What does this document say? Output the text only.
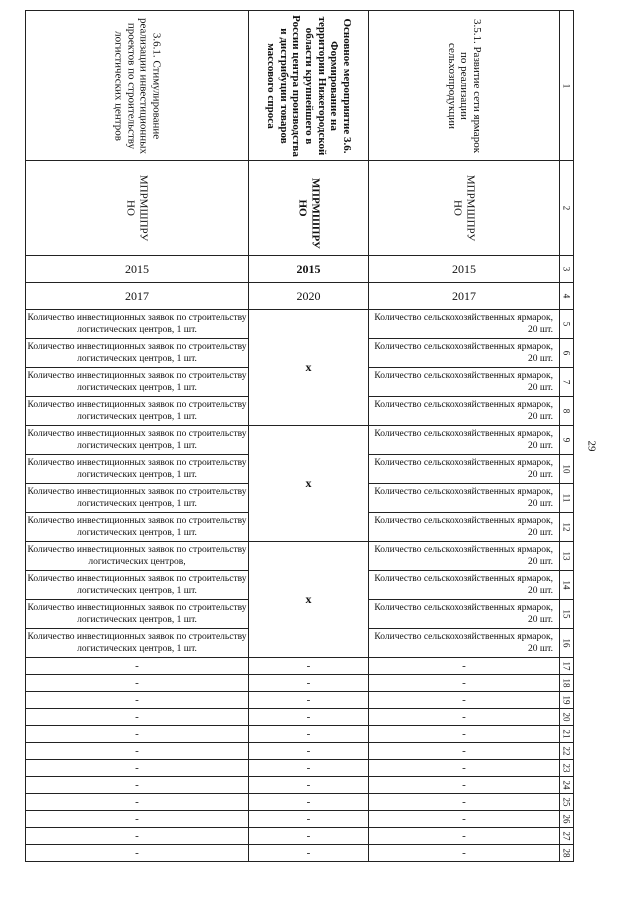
29
3.6.1. Стимулирование реализации инвестиционных проектов по строительству логистических центров	Основное мероприятие 3.6. Формирование на территории Нижегородской области крупнейшего в России центра производства и дистрибуции товаров массового спроса	3.5.1. Развитие сети ярмарок по реализации сельхозпродукции	1

МПРМШПРУ НО	МПРМШПРУ НО	МПРМШПРУ НО	2
2015	2015	2015	3
2017	2020	2017	4
Количество инвестиционных заявок по строительству логистических центров, 1 шт.	x	Количество сельскохозяйственных ярмарок, 20 шт.	5
Количество инвестиционных заявок по строительству логистических центров, 1 шт.		Количество сельскохозяйственных ярмарок, 20 шт.	6
Количество инвестиционных заявок по строительству логистических центров, 1 шт.		Количество сельскохозяйственных ярмарок, 20 шт.	7
Количество инвестиционных заявок по строительству логистических центров, 1 шт.		Количество сельскохозяйственных ярмарок, 20 шт.	8
Количество инвестиционных заявок по строительству логистических центров, 1 шт.	x	Количество сельскохозяйственных ярмарок, 20 шт.	9
Количество инвестиционных заявок по строительству логистических центров, 1 шт.		Количество сельскохозяйственных ярмарок, 20 шт.	10
Количество инвестиционных заявок по строительству логистических центров, 1 шт.		Количество сельскохозяйственных ярмарок, 20 шт.	11
Количество инвестиционных заявок по строительству логистических центров, 1 шт.		Количество сельскохозяйственных ярмарок, 20 шт.	12
Количество инвестиционных заявок по строительству логистических центров,	x	Количество сельскохозяйственных ярмарок, 20 шт.	13
Количество инвестиционных заявок по строительству логистических центров, 1 шт.		Количество сельскохозяйственных ярмарок, 20 шт.	14
Количество инвестиционных заявок по строительству логистических центров, 1 шт.		Количество сельскохозяйственных ярмарок, 20 шт.	15
Количество инвестиционных заявок по строительству логистических центров, 1 шт.		Количество сельскохозяйственных ярмарок, 20 шт.	16
-	-	-	17
-	-	-	18
-	-	-	19
-	-	-	20
-	-	-	21
-	-	-	22
-	-	-	23
-	-	-	24
-	-	-	25
-	-	-	26
-	-	-	27
-	-	-	28
